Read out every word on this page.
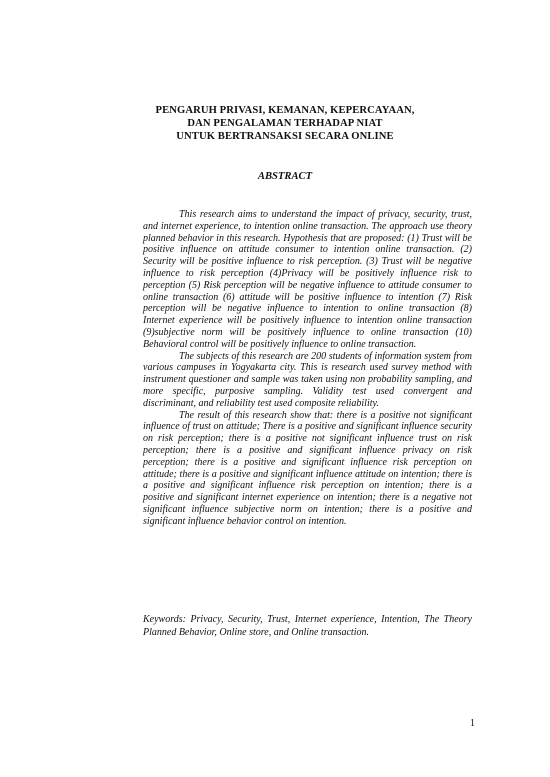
PENGARUH PRIVASI, KEMANAN, KEPERCAYAAN,
DAN PENGALAMAN TERHADAP NIAT
UNTUK BERTRANSAKSI SECARA ONLINE
ABSTRACT

This research aims to understand the impact of privacy, security, trust, and internet experience, to intention online transaction. The approach use theory planned behavior in this research. Hypothesis that are proposed: (1) Trust will be positive influence on attitude consumer to intention online transaction. (2) Security will be positive influence to risk perception. (3) Trust will be negative influence to risk perception (4)Privacy will be positively influence risk to perception (5) Risk perception will be negative influence to attitude consumer to online transaction (6) attitude will be positive influence to intention (7) Risk perception will be negative influence to intention to online transaction (8) Internet experience will be positively influence to intention online transaction (9)subjective norm will be positively influence to online transaction (10) Behavioral control will be positively influence to online transaction.

The subjects of this research are 200 students of information system from various campuses in Yogyakarta city. This is research used survey method with instrument questioner and sample was taken using non probability sampling, and more specific, purposive sampling. Validity test used convergent and discriminant, and reliability test used composite reliability.

The result of this research show that: there is a positive not significant influence of trust on attitude; There is a positive and significant influence security on risk perception; there is a positive not significant influence trust on risk perception; there is a positive and significant influence privacy on risk perception; there is a positive and significant influence risk perception on attitude; there is a positive and significant influence attitude on intention; there is a positive and significant influence risk perception on intention; there is a positive and significant internet experience on intention; there is a negative not significant influence subjective norm on intention; there is a positive and significant influence behavior control on intention.

Keywords: Privacy, Security, Trust, Internet experience, Intention, The Theory Planned Behavior, Online store, and Online transaction.
1
